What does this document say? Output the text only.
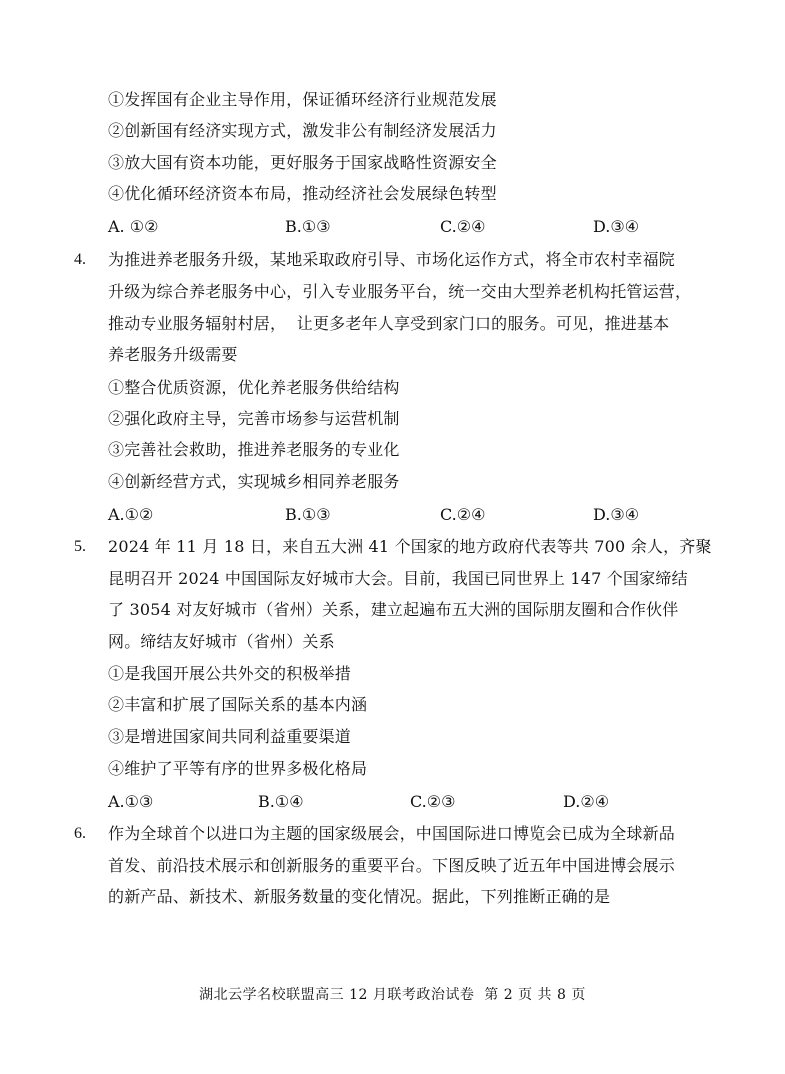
①发挥国有企业主导作用，保证循环经济行业规范发展
②创新国有经济实现方式，激发非公有制经济发展活力
③放大国有资本功能，更好服务于国家战略性资源安全
④优化循环经济资本布局，推动经济社会发展绿色转型
A. ①②	B.①③	C.②④	D.③④
4. 为推进养老服务升级，某地采取政府引导、市场化运作方式，将全市农村幸福院
升级为综合养老服务中心，引入专业服务平台，统一交由大型养老机构托管运营，
推动专业服务辐射村居，  让更多老年人享受到家门口的服务。可见，推进基本
养老服务升级需要
①整合优质资源，优化养老服务供给结构
②强化政府主导，完善市场参与运营机制
③完善社会救助，推进养老服务的专业化
④创新经营方式，实现城乡相同养老服务
A.①②	B.①③	C.②④	D.③④
5. 2024 年 11 月 18 日，来自五大洲 41 个国家的地方政府代表等共 700 余人，齐聚
昆明召开 2024 中国国际友好城市大会。目前，我国已同世界上 147 个国家缔结
了 3054 对友好城市（省州）关系，建立起遍布五大洲的国际朋友圈和合作伙伴
网。缔结友好城市（省州）关系
①是我国开展公共外交的积极举措
②丰富和扩展了国际关系的基本内涵
③是增进国家间共同利益重要渠道
④维护了平等有序的世界多极化格局
A.①③	B.①④	C.②③	D.②④
6. 作为全球首个以进口为主题的国家级展会，中国国际进口博览会已成为全球新品
首发、前沿技术展示和创新服务的重要平台。下图反映了近五年中国进博会展示
的新产品、新技术、新服务数量的变化情况。据此，下列推断正确的是
湖北云学名校联盟高三 12 月联考政治试卷  第 2 页 共 8 页
